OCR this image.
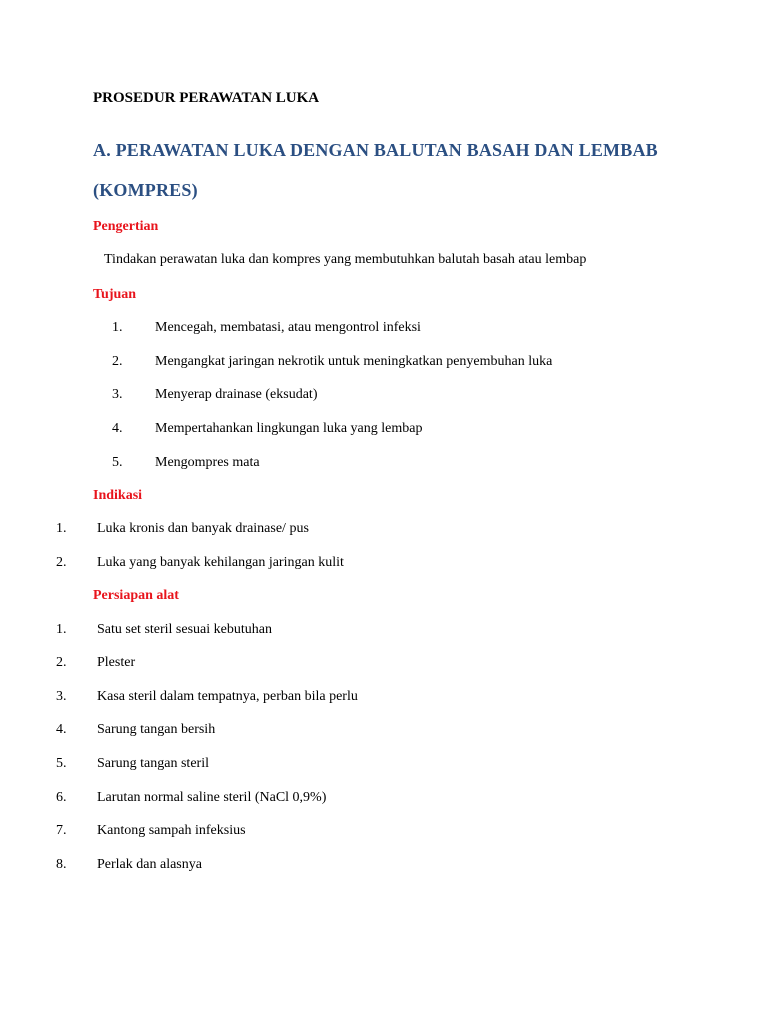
PROSEDUR PERAWATAN LUKA
A. PERAWATAN LUKA DENGAN BALUTAN BASAH DAN LEMBAB
(KOMPRES)
Pengertian
Tindakan perawatan luka dan kompres yang membutuhkan balutah basah atau lembap
Tujuan
1. Mencegah, membatasi, atau mengontrol infeksi
2. Mengangkat jaringan nekrotik untuk meningkatkan penyembuhan luka
3. Menyerap drainase (eksudat)
4. Mempertahankan lingkungan luka yang lembap
5. Mengompres mata
Indikasi
1. Luka kronis dan banyak drainase/ pus
2. Luka yang banyak kehilangan jaringan kulit
Persiapan alat
1. Satu set steril sesuai kebutuhan
2. Plester
3. Kasa steril dalam tempatnya, perban bila perlu
4. Sarung tangan bersih
5. Sarung tangan steril
6. Larutan normal saline steril (NaCl 0,9%)
7. Kantong sampah infeksius
8. Perlak dan alasnya
